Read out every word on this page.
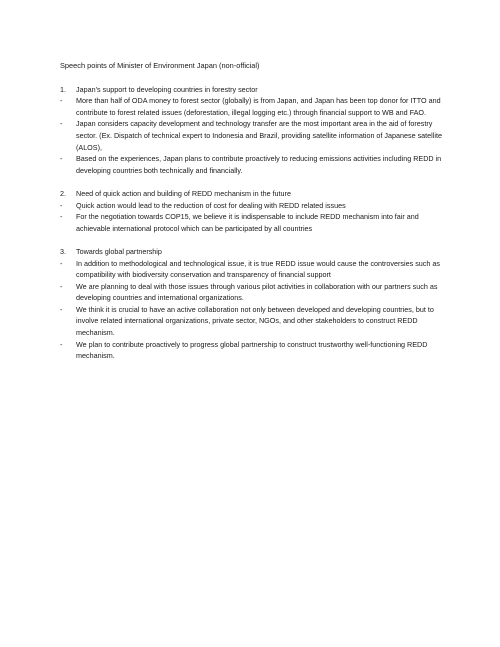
Speech points of Minister of Environment Japan (non-official)

1.	Japan’s support to developing countries in forestry sector
-	More than half of ODA money to forest sector (globally) is from Japan, and Japan has been top donor for ITTO and contribute to forest related issues (deforestation, illegal logging etc.) through financial support to WB and FAO.
-	Japan considers capacity development and technology transfer are the most important area in the aid of forestry sector. (Ex. Dispatch of technical expert to Indonesia and Brazil, providing satellite information of Japanese satellite (ALOS),
-	Based on the experiences, Japan plans to contribute proactively to reducing emissions activities including REDD in developing countries both technically and financially.
2.	Need of quick action and building of REDD mechanism in the future
-	Quick action would lead to the reduction of cost for dealing with REDD related issues
-	For the negotiation towards COP15, we believe it is indispensable to include REDD mechanism into fair and achievable international protocol which can be participated by all countries
3.	Towards global partnership
-	In addition to methodological and technological issue, it is true REDD issue would cause the controversies such as compatibility with biodiversity conservation and transparency of financial support
-	We are planning to deal with those issues through various pilot activities in collaboration with our partners such as developing countries and international organizations.
-	We think it is crucial to have an active collaboration not only between developed and developing countries, but to involve related international organizations, private sector, NGOs, and other stakeholders to construct REDD mechanism.
-	We plan to contribute proactively to progress global partnership to construct trustworthy well-functioning REDD mechanism.
